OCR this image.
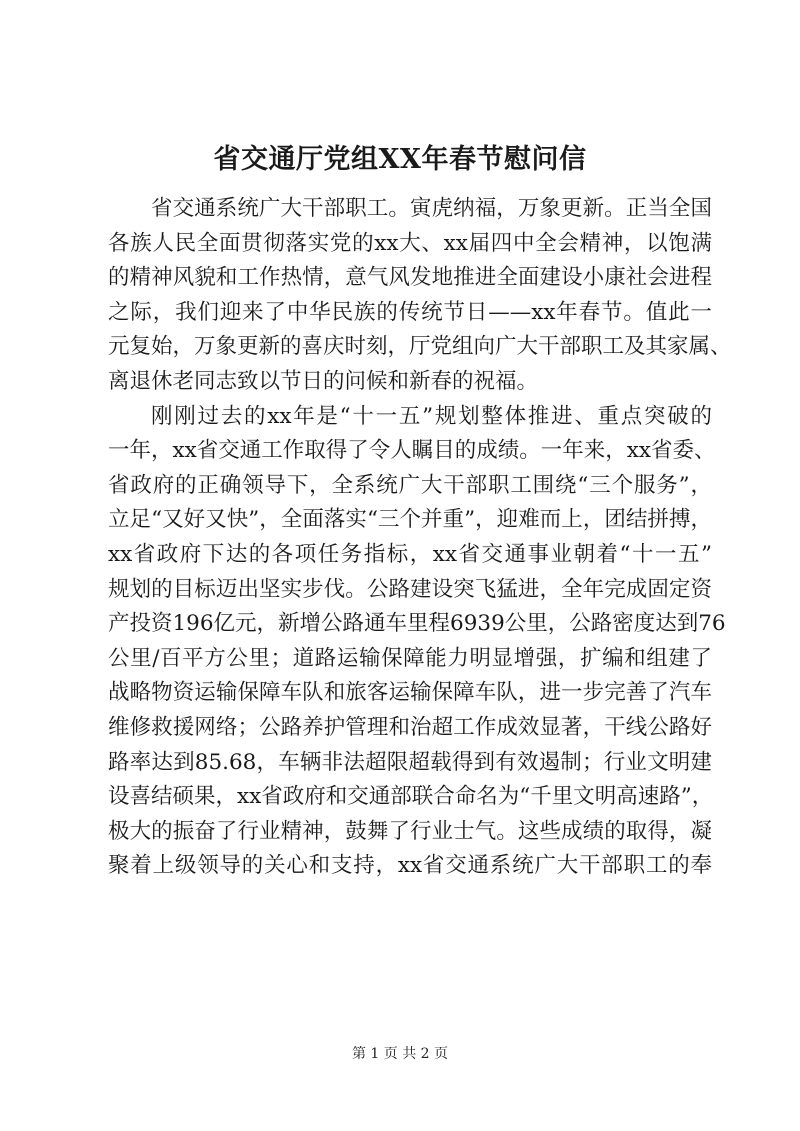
省交通厅党组XX年春节慰问信
省交通系统广大干部职工。寅虎纳福，万象更新。正当全国
各族人民全面贯彻落实党的xx大、xx届四中全会精神，以饱满
的精神风貌和工作热情，意气风发地推进全面建设小康社会进程
之际，我们迎来了中华民族的传统节日——xx年春节。值此一
元复始，万象更新的喜庆时刻，厅党组向广大干部职工及其家属、
离退休老同志致以节日的问候和新春的祝福。
刚刚过去的xx年是“十一五”规划整体推进、重点突破的
一年，xx省交通工作取得了令人瞩目的成绩。一年来，xx省委、
省政府的正确领导下，全系统广大干部职工围绕“三个服务”，
立足“又好又快”，全面落实“三个并重”，迎难而上，团结拼搏，
xx省政府下达的各项任务指标，xx省交通事业朝着“十一五”
规划的目标迈出坚实步伐。公路建设突飞猛进，全年完成固定资
产投资196亿元，新增公路通车里程6939公里，公路密度达到76
公里/百平方公里；道路运输保障能力明显增强，扩编和组建了
战略物资运输保障车队和旅客运输保障车队，进一步完善了汽车
维修救援网络；公路养护管理和治超工作成效显著，干线公路好
路率达到85.68，车辆非法超限超载得到有效遏制；行业文明建
设喜结硕果，xx省政府和交通部联合命名为“千里文明高速路”，
极大的振奋了行业精神，鼓舞了行业士气。这些成绩的取得，凝
聚着上级领导的关心和支持，xx省交通系统广大干部职工的奉
第 1 页 共 2 页
